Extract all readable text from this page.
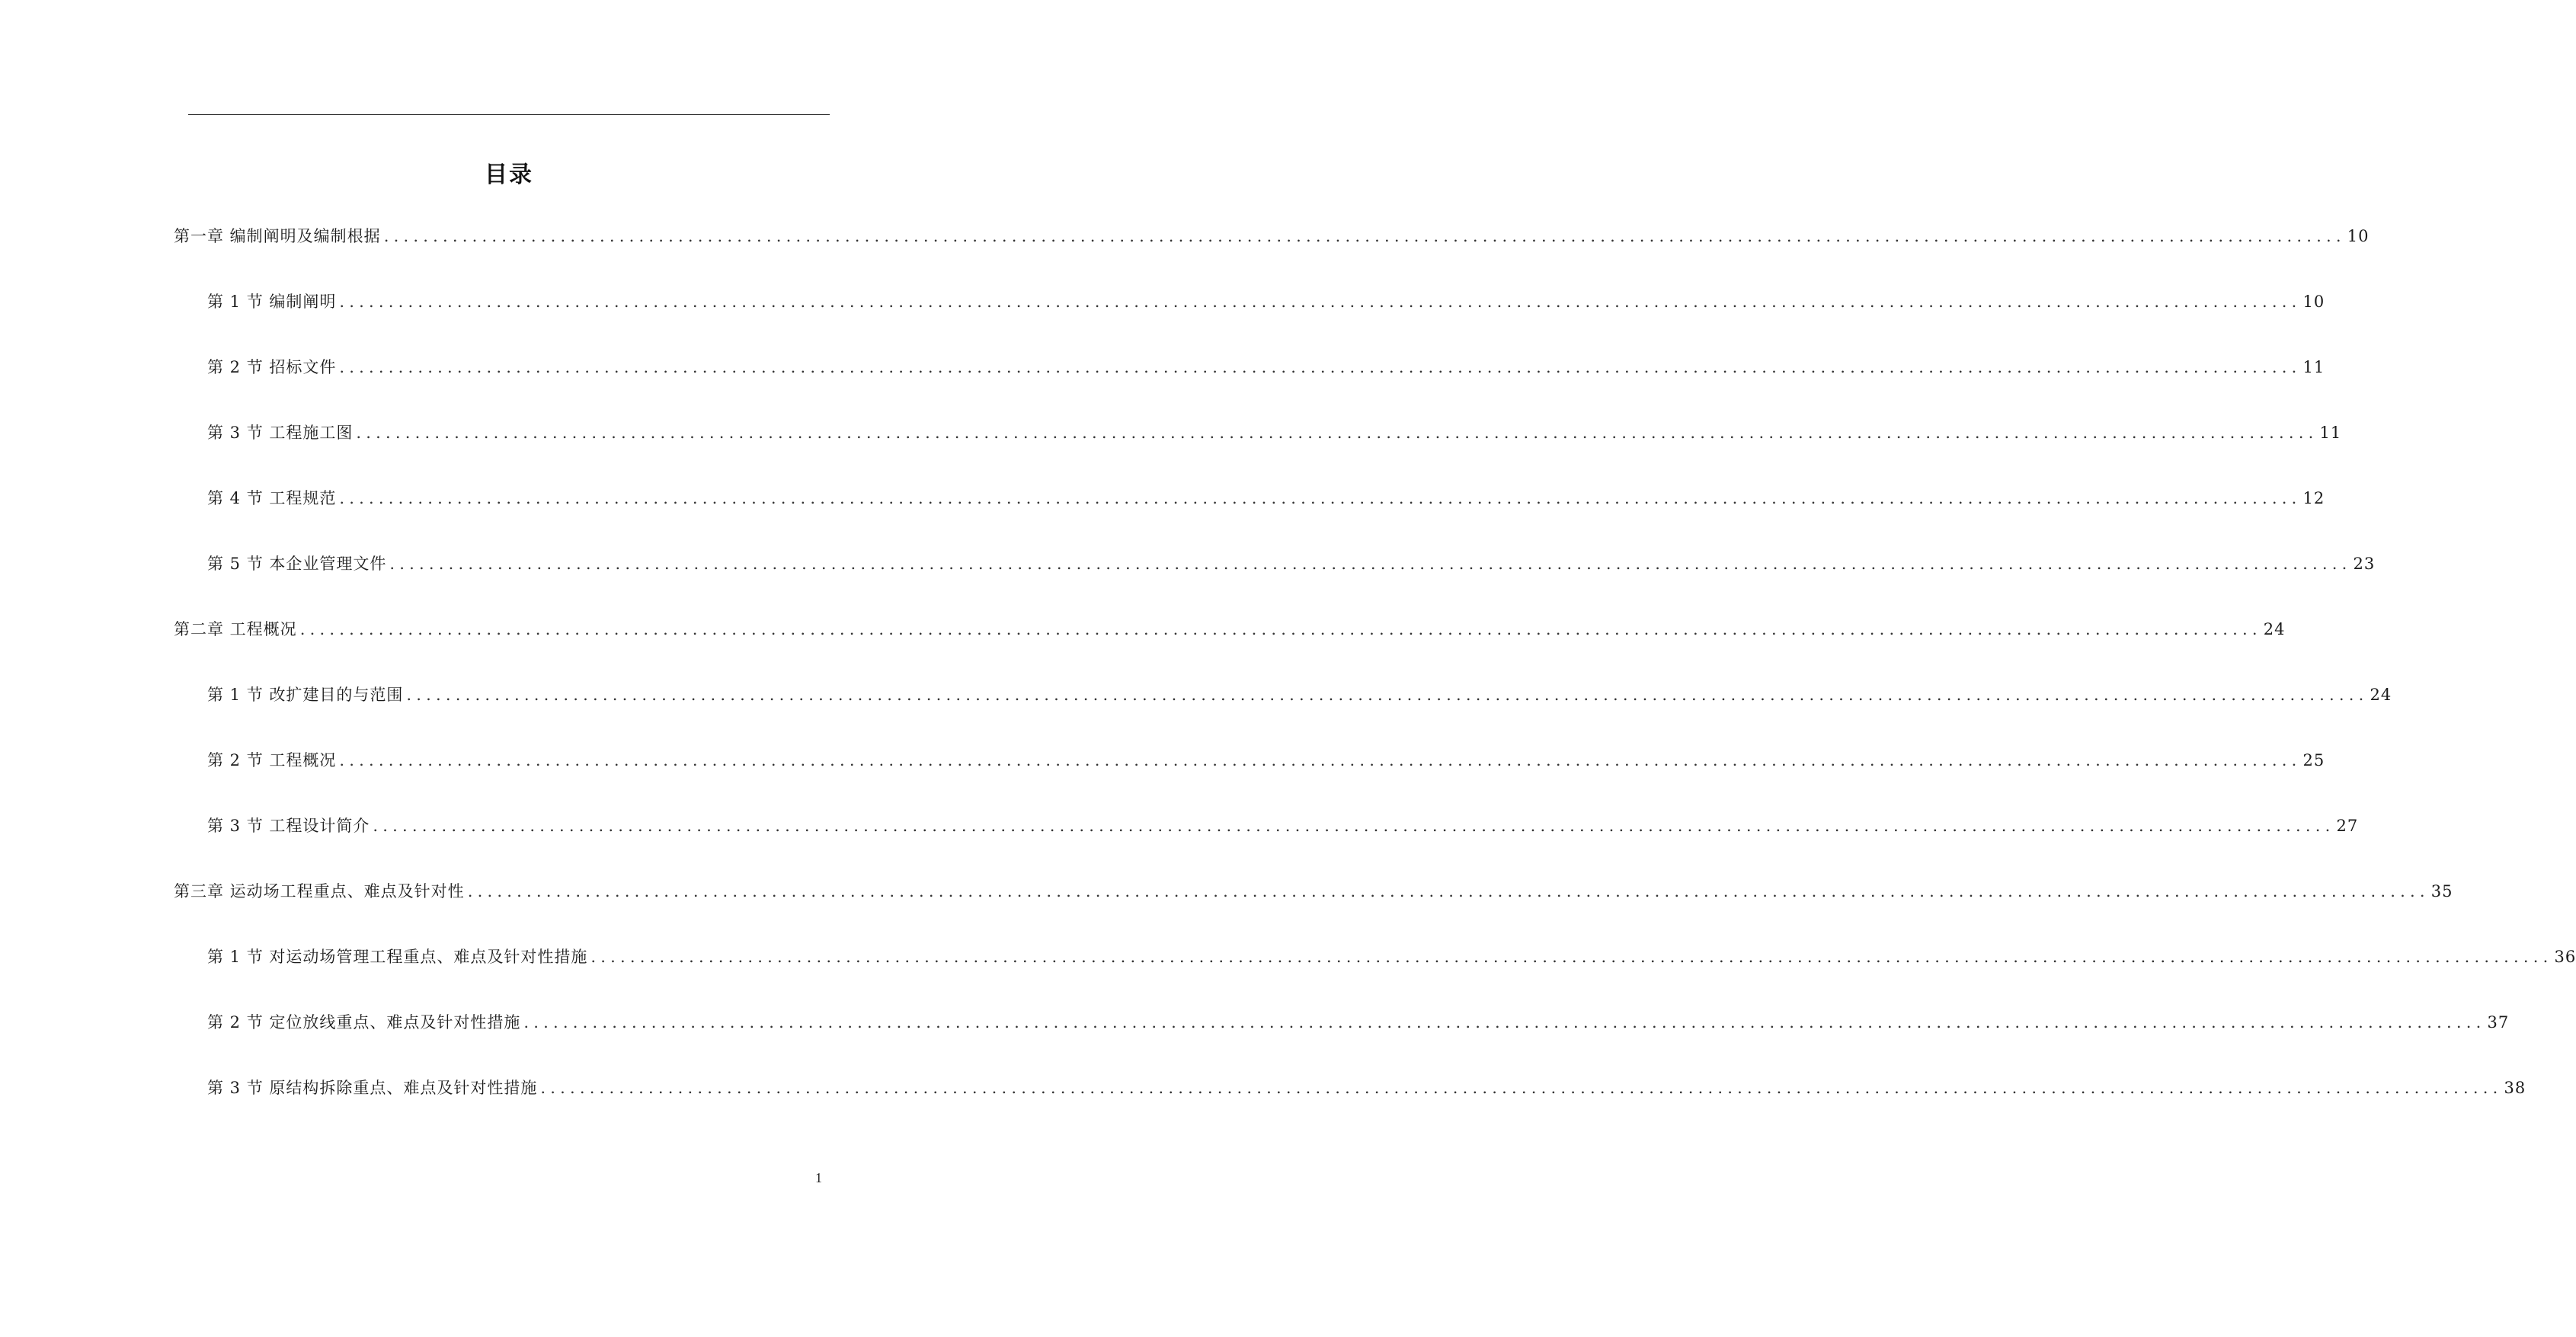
目录
第一章 编制阐明及编制根据 ........................................................................................................................................................................................................ 10
第 1 节 编制阐明 ........................................................................................................................................................................................................ 10
第 2 节 招标文件 ........................................................................................................................................................................................................ 11
第 3 节 工程施工图 ........................................................................................................................................................................................................ 11
第 4 节 工程规范 ........................................................................................................................................................................................................ 12
第 5 节 本企业管理文件 ........................................................................................................................................................................................................ 23
第二章 工程概况 ........................................................................................................................................................................................................ 24
第 1 节 改扩建目的与范围 ........................................................................................................................................................................................................ 24
第 2 节 工程概况 ........................................................................................................................................................................................................ 25
第 3 节 工程设计简介 ........................................................................................................................................................................................................ 27
第三章 运动场工程重点、难点及针对性 ........................................................................................................................................................................................................ 35
第 1 节 对运动场管理工程重点、难点及针对性措施 ........................................................................................................................................................................................................ 36
第 2 节 定位放线重点、难点及针对性措施 ........................................................................................................................................................................................................ 37
第 3 节 原结构拆除重点、难点及针对性措施 ........................................................................................................................................................................................................ 38
1
